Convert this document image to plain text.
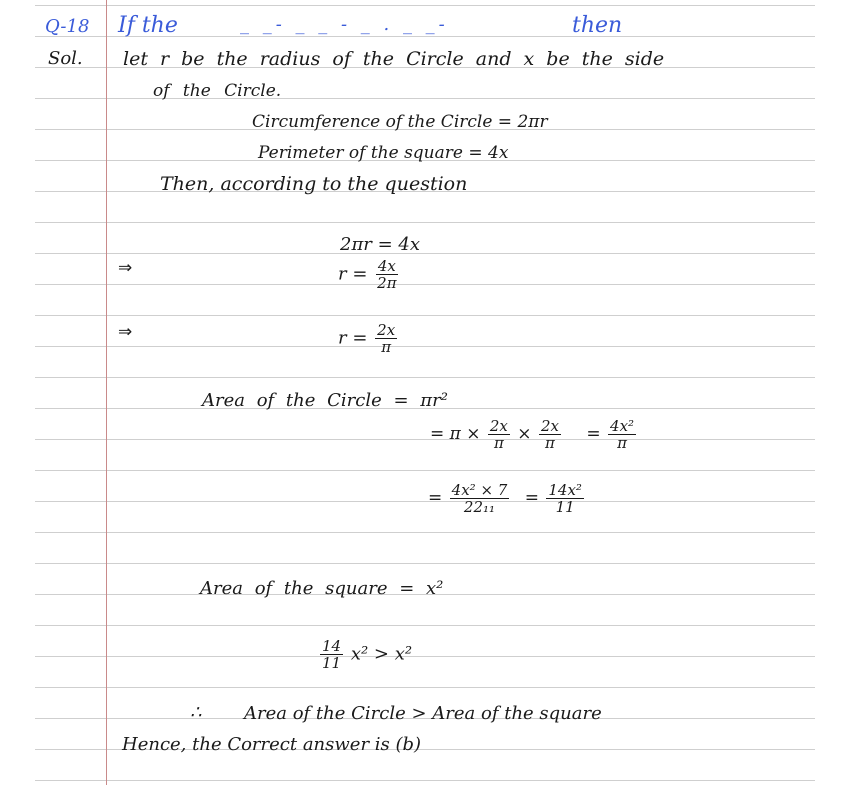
Q-18 If the	_ _- _ _ - _ . _ _-	then
Sol. let r be the radius of the Circle and x be the side
of the Circle.
Circumference of the Circle = 2πr
Perimeter of the square = 4x
Then, according to the question
2πr = 4x
⇒	$r = \frac{4x}{2\pi}$
⇒	$r = \frac{2x}{\pi}$
Area of the Circle = πr²
= $\pi \times \frac{2x}{\pi} \times \frac{2x}{\pi} = \frac{\text{4x²}}{\pi}$
= $\frac{\text{4x² × 7}}{\text{22₁₁}} = \frac{\text{14x²}}{11}$
Area of the square = x²
$\frac{14}{11} x^2 > x^2$
∴ Area of the Circle > Area of the square
Hence, the Correct answer is (b)
